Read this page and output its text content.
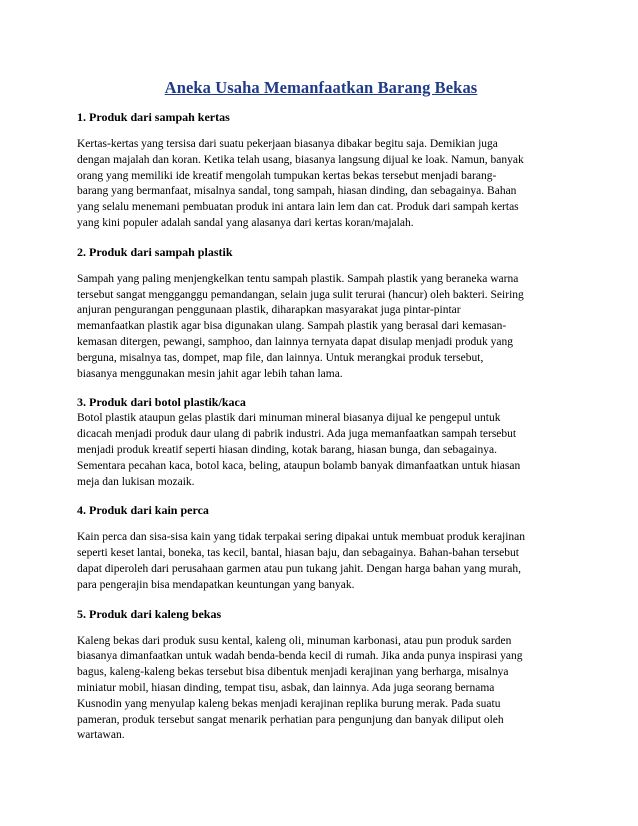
Aneka Usaha Memanfaatkan Barang Bekas
1. Produk dari sampah kertas

Kertas-kertas yang tersisa dari suatu pekerjaan biasanya dibakar begitu saja. Demikian juga
dengan majalah dan koran. Ketika telah usang, biasanya langsung dijual ke loak. Namun, banyak
orang yang memiliki ide kreatif mengolah tumpukan kertas bekas tersebut menjadi barang-
barang yang bermanfaat, misalnya sandal, tong sampah, hiasan dinding, dan sebagainya. Bahan
yang selalu menemani pembuatan produk ini antara lain lem dan cat. Produk dari sampah kertas
yang kini populer adalah sandal yang alasanya dari kertas koran/majalah.

2. Produk dari sampah plastik

Sampah yang paling menjengkelkan tentu sampah plastik. Sampah plastik yang beraneka warna
tersebut sangat mengganggu pemandangan, selain juga sulit terurai (hancur) oleh bakteri. Seiring
anjuran pengurangan penggunaan plastik, diharapkan masyarakat juga pintar-pintar
memanfaatkan plastik agar bisa digunakan ulang. Sampah plastik yang berasal dari kemasan-
kemasan ditergen, pewangi, samphoo, dan lainnya ternyata dapat disulap menjadi produk yang
berguna, misalnya tas, dompet, map file, dan lainnya. Untuk merangkai produk tersebut,
biasanya menggunakan mesin jahit agar lebih tahan lama.

3. Produk dari botol plastik/kaca

Botol plastik ataupun gelas plastik dari minuman mineral biasanya dijual ke pengepul untuk
dicacah menjadi produk daur ulang di pabrik industri. Ada juga memanfaatkan sampah tersebut
menjadi produk kreatif seperti hiasan dinding, kotak barang, hiasan bunga, dan sebagainya.
Sementara pecahan kaca, botol kaca, beling, ataupun bolamb banyak dimanfaatkan untuk hiasan
meja dan lukisan mozaik.

4. Produk dari kain perca

Kain perca dan sisa-sisa kain yang tidak terpakai sering dipakai untuk membuat produk kerajinan
seperti keset lantai, boneka, tas kecil, bantal, hiasan baju, dan sebagainya. Bahan-bahan tersebut
dapat diperoleh dari perusahaan garmen atau pun tukang jahit. Dengan harga bahan yang murah,
para pengerajin bisa mendapatkan keuntungan yang banyak.

5. Produk dari kaleng bekas

Kaleng bekas dari produk susu kental, kaleng oli, minuman karbonasi, atau pun produk sarden
biasanya dimanfaatkan untuk wadah benda-benda kecil di rumah. Jika anda punya inspirasi yang
bagus, kaleng-kaleng bekas tersebut bisa dibentuk menjadi kerajinan yang berharga, misalnya
miniatur mobil, hiasan dinding, tempat tisu, asbak, dan lainnya. Ada juga seorang bernama
Kusnodin yang menyulap kaleng bekas menjadi kerajinan replika burung merak. Pada suatu
pameran, produk tersebut sangat menarik perhatian para pengunjung dan banyak diliput oleh
wartawan.
